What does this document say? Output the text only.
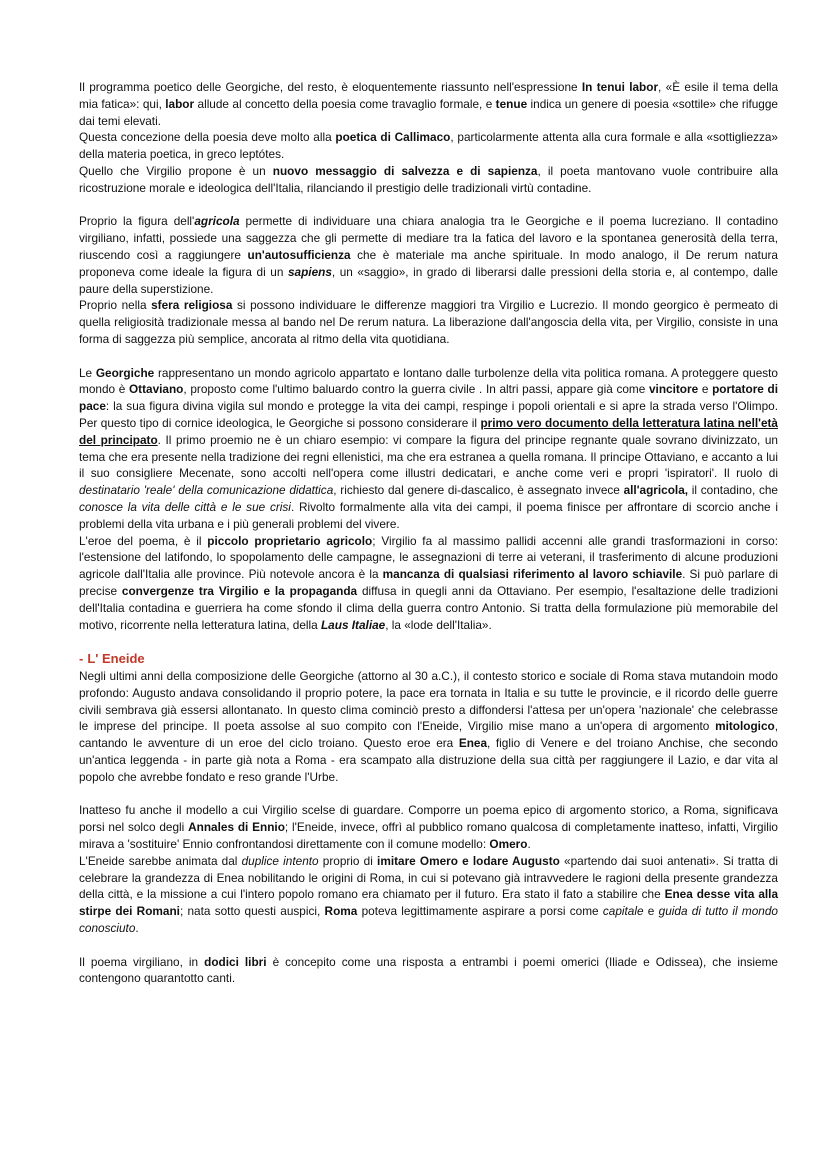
Il programma poetico delle Georgiche, del resto, è eloquentemente riassunto nell'espressione In tenui labor, «È esile il tema della mia fatica»: qui, labor allude al concetto della poesia come travaglio formale, e tenue indica un genere di poesia «sottile» che rifugge dai temi elevati.

Questa concezione della poesia deve molto alla poetica di Callimaco, particolarmente attenta alla cura formale e alla «sottigliezza» della materia poetica, in greco leptótes.

Quello che Virgilio propone è un nuovo messaggio di salvezza e di sapienza, il poeta mantovano vuole contribuire alla ricostruzione morale e ideologica dell'Italia, rilanciando il prestigio delle tradizionali virtù contadine.

Proprio la figura dell'agricola permette di individuare una chiara analogia tra le Georgiche e il poema lucreziano. Il contadino virgiliano, infatti, possiede una saggezza che gli permette di mediare tra la fatica del lavoro e la spontanea generosità della terra, riuscendo così a raggiungere un'autosufficienza che è materiale ma anche spirituale. In modo analogo, il De rerum natura proponeva come ideale la figura di un sapiens, un «saggio», in grado di liberarsi dalle pressioni della storia e, al contempo, dalle paure della superstizione.

Proprio nella sfera religiosa si possono individuare le differenze maggiori tra Virgilio e Lucrezio. Il mondo georgico è permeato di quella religiosità tradizionale messa al bando nel De rerum natura. La liberazione dall'angoscia della vita, per Virgilio, consiste in una forma di saggezza più semplice, ancorata al ritmo della vita quotidiana.

Le Georgiche rappresentano un mondo agricolo appartato e lontano dalle turbolenze della vita politica romana. A proteggere questo mondo è Ottaviano, proposto come l'ultimo baluardo contro la guerra civile . In altri passi, appare già come vincitore e portatore di pace: la sua figura divina vigila sul mondo e protegge la vita dei campi, respinge i popoli orientali e si apre la strada verso l'Olimpo. Per questo tipo di cornice ideologica, le Georgiche si possono considerare il primo vero documento della letteratura latina nell'età del principato. Il primo proemio ne è un chiaro esempio: vi compare la figura del principe regnante quale sovrano divinizzato, un tema che era presente nella tradizione dei regni ellenistici, ma che era estranea a quella romana. Il principe Ottaviano, e accanto a lui il suo consigliere Mecenate, sono accolti nell'opera come illustri dedicatari, e anche come veri e propri 'ispiratori'. Il ruolo di destinatario 'reale' della comunicazione didattica, richiesto dal genere di-dascalico, è assegnato invece all'agricola, il contadino, che conosce la vita delle città e le sue crisi. Rivolto formalmente alla vita dei campi, il poema finisce per affrontare di scorcio anche i problemi della vita urbana e i più generali problemi del vivere.

L'eroe del poema, è il piccolo proprietario agricolo; Virgilio fa al massimo pallidi accenni alle grandi trasformazioni in corso: l'estensione del latifondo, lo spopolamento delle campagne, le assegnazioni di terre ai veterani, il trasferimento di alcune produzioni agricole dall'Italia alle province. Più notevole ancora è la mancanza di qualsiasi riferimento al lavoro schiavile. Si può parlare di precise convergenze tra Virgilio e la propaganda diffusa in quegli anni da Ottaviano. Per esempio, l'esaltazione delle tradizioni dell'Italia contadina e guerriera ha come sfondo il clima della guerra contro Antonio. Si tratta della formulazione più memorabile del motivo, ricorrente nella letteratura latina, della Laus Italiae, la «lode dell'Italia».

- L' Eneide

Negli ultimi anni della composizione delle Georgiche (attorno al 30 a.C.), il contesto storico e sociale di Roma stava mutandoin modo profondo: Augusto andava consolidando il proprio potere, la pace era tornata in Italia e su tutte le provincie, e il ricordo delle guerre civili sembrava già essersi allontanato. In questo clima cominciò presto a diffondersi l'attesa per un'opera 'nazionale' che celebrasse le imprese del principe. Il poeta assolse al suo compito con l'Eneide, Virgilio mise mano a un'opera di argomento mitologico, cantando le avventure di un eroe del ciclo troiano. Questo eroe era Enea, figlio di Venere e del troiano Anchise, che secondo un'antica leggenda - in parte già nota a Roma - era scampato alla distruzione della sua città per raggiungere il Lazio, e dar vita al popolo che avrebbe fondato e reso grande l'Urbe.

Inatteso fu anche il modello a cui Virgilio scelse di guardare. Comporre un poema epico di argomento storico, a Roma, significava porsi nel solco degli Annales di Ennio; l'Eneide, invece, offrì al pubblico romano qualcosa di completamente inatteso, infatti, Virgilio mirava a 'sostituire' Ennio confrontandosi direttamente con il comune modello: Omero.

L'Eneide sarebbe animata dal duplice intento proprio di imitare Omero e lodare Augusto «partendo dai suoi antenati». Si tratta di celebrare la grandezza di Enea nobilitando le origini di Roma, in cui si potevano già intravvedere le ragioni della presente grandezza della città, e la missione a cui l'intero popolo romano era chiamato per il futuro. Era stato il fato a stabilire che Enea desse vita alla stirpe dei Romani; nata sotto questi auspici, Roma poteva legittimamente aspirare a porsi come capitale e guida di tutto il mondo conosciuto.

Il poema virgiliano, in dodici libri è concepito come una risposta a entrambi i poemi omerici (Iliade e Odissea), che insieme contengono quarantotto canti.
